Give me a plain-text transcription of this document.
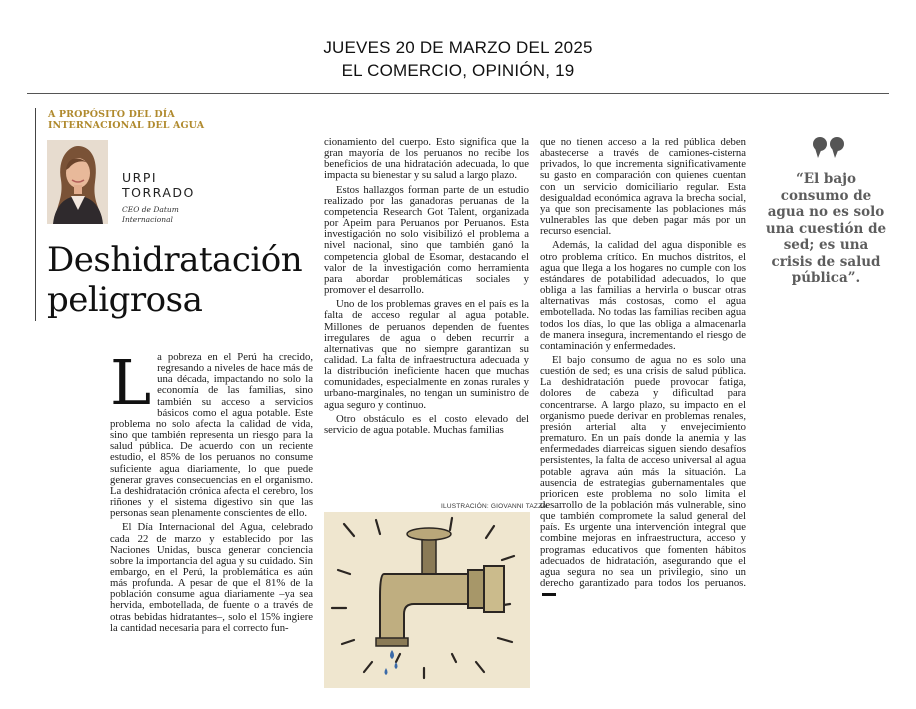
JUEVES 20 DE MARZO DEL 2025
EL COMERCIO, OPINIÓN, 19
A PROPÓSITO DEL DÍA INTERNACIONAL DEL AGUA
URPI
TORRADO
CEO de Datum Internacional
Deshidratación peligrosa

La pobreza en el Perú ha crecido, regresando a niveles de hace más de una década, impactando no solo la economía de las familias, sino también su acceso a servicios básicos como el agua potable. Este problema no solo afecta la calidad de vida, sino que también representa un riesgo para la salud pública. De acuerdo con un reciente estudio, el 85% de los peruanos no consume suficiente agua diariamente, lo que puede generar graves consecuencias en el organismo. La deshidratación crónica afecta el cerebro, los riñones y el sistema digestivo sin que las personas sean plenamente conscientes de ello.

El Día Internacional del Agua, celebrado cada 22 de marzo y establecido por las Naciones Unidas, busca generar conciencia sobre la importancia del agua y su cuidado. Sin embargo, en el Perú, la problemática es aún más profunda. A pesar de que el 81% de la población consume agua diariamente –ya sea hervida, embotellada, de fuente o a través de otras bebidas hidratantes–, solo el 15% ingiere la cantidad necesaria para el correcto fun-

cionamiento del cuerpo. Esto significa que la gran mayoría de los peruanos no recibe los beneficios de una hidratación adecuada, lo que impacta su bienestar y su salud a largo plazo.

Estos hallazgos forman parte de un estudio realizado por las ganadoras peruanas de la competencia Research Got Talent, organizada por Apeim para Peruanos por Peruanos. Esta investigación no solo visibilizó el problema a nivel nacional, sino que también ganó la competencia global de Esomar, destacando el valor de la investigación como herramienta para abordar problemáticas sociales y promover el desarrollo.

Uno de los problemas graves en el país es la falta de acceso regular al agua potable. Millones de peruanos dependen de fuentes irregulares de agua o deben recurrir a alternativas que no siempre garantizan su calidad. La falta de infraestructura adecuada y la distribución ineficiente hacen que muchas comunidades, especialmente en zonas rurales y urbano-marginales, no tengan un suministro de agua seguro y continuo.

Otro obstáculo es el costo elevado del servicio de agua potable. Muchas familias

ILUSTRACIÓN: GIOVANNI TAZZA

que no tienen acceso a la red pública deben abastecerse a través de camiones-cisterna privados, lo que incrementa significativamente su gasto en comparación con quienes cuentan con un servicio domiciliario regular. Esta desigualdad económica agrava la brecha social, ya que son precisamente las poblaciones más vulnerables las que deben pagar más por un recurso esencial.

Además, la calidad del agua disponible es otro problema crítico. En muchos distritos, el agua que llega a los hogares no cumple con los estándares de potabilidad adecuados, lo que obliga a las familias a hervirla o buscar otras alternativas más costosas, como el agua embotellada. No todas las familias reciben agua todos los días, lo que las obliga a almacenarla de manera insegura, incrementando el riesgo de contaminación y enfermedades.

El bajo consumo de agua no es solo una cuestión de sed; es una crisis de salud pública. La deshidratación puede provocar fatiga, dolores de cabeza y dificultad para concentrarse. A largo plazo, su impacto en el organismo puede derivar en problemas renales, presión arterial alta y envejecimiento prematuro. En un país donde la anemia y las enfermedades diarreicas siguen siendo desafíos persistentes, la falta de acceso universal al agua potable agrava aún más la situación. La ausencia de estrategias gubernamentales que prioricen este problema no solo limita el desarrollo de la población más vulnerable, sino que también compromete la salud general del país. Es urgente una intervención integral que combine mejoras en infraestructura, acceso y programas educativos que fomenten hábitos adecuados de hidratación, asegurando que el agua segura no sea un privilegio, sino un derecho garantizado para todos los peruanos.

“El bajo consumo de agua no es solo una cuestión de sed; es una crisis de salud pública”.
